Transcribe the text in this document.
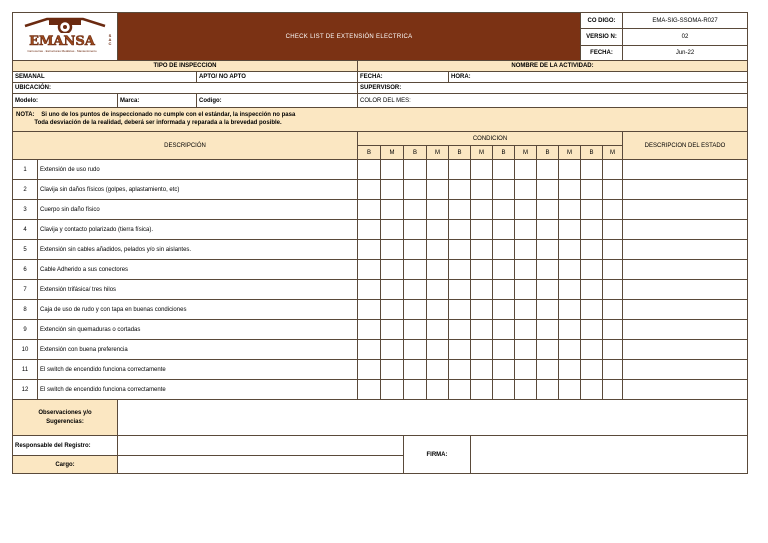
EMANSA S
A
C
Carrocerías · Estructuras Metálicas · Mantenimiento		CHECK LIST DE EXTENSIÓN ELECTRICA												CO DIGO:		EMA-SIG-SSOMA-R027
														VERSIO N:		02
														FECHA:		Jun-22
TIPO DE INSPECCION				NOMBRE DE LA ACTIVIDAD:												
SEMANAL			APTO/ NO APTO	FECHA:				HORA:								
UBICACIÓN:				SUPERVISOR:												
Modelo:		Marca:	Codigo:	COLOR DEL MES:												
NOTA: Si uno de los puntos de inspeccionado no cumple con el estándar, la inspección no pasa
Toda desviación de la realidad, deberá ser informada y reparada a la brevedad posible.																
DESCRIPCIÓN				CONDICION												DESCRIPCION DEL ESTADO
				B	M	B	M	B	M	B	M	B	M	B	M	
1	Extensión de uso rudo															
2	Clavija sin daños físicos (golpes, aplastamiento, etc)															
3	Cuerpo sin daño físico															
4	Clavija y contacto polarizado (tierra física).															
5	Extensión sin cables añadidos, pelados y/o sin aislantes.															
6	Cable Adherido a sus conectores															
7	Extensión trifásica/ tres hilos															
8	Caja de uso de rudo y con tapa en buenas condiciones															
9	Extención sin quemaduras o cortadas															
10	Extensión con buena preferencia															
11	El switch de encendido funciona correctamente															
12	El switch de encendido funciona correctamente															
Observaciones y/o
Sugerencias:																
Responsable del Registro:						FIRMA:										
Cargo:																
